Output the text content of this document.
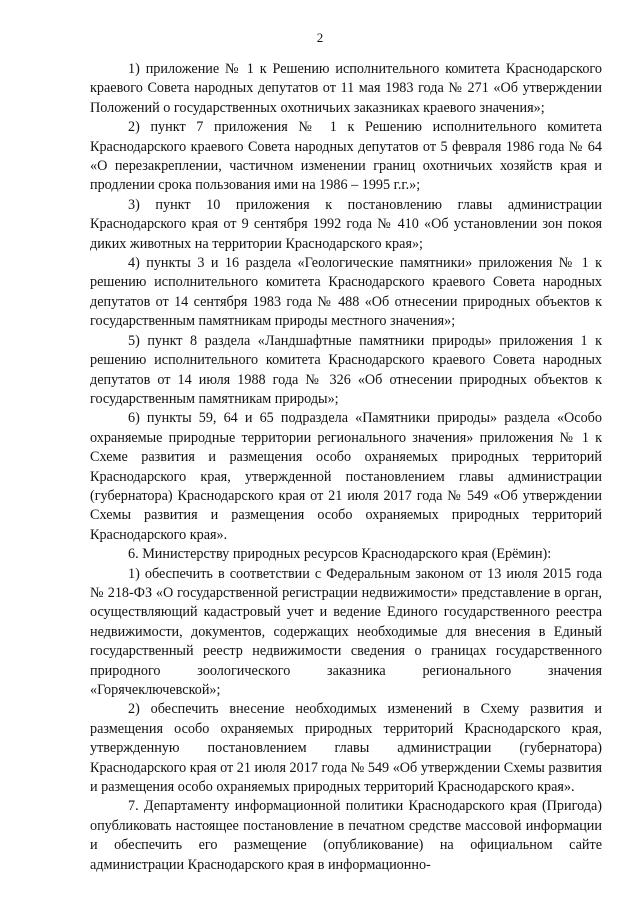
2

1) приложение № 1 к Решению исполнительного комитета Краснодарского краевого Совета народных депутатов от 11 мая 1983 года № 271 «Об утверждении Положений о государственных охотничьих заказниках краевого значения»;

2) пункт 7 приложения № 1 к Решению исполнительного комитета Краснодарского краевого Совета народных депутатов от 5 февраля 1986 года № 64 «О перезакреплении, частичном изменении границ охотничьих хозяйств края и продлении срока пользования ими на 1986 – 1995 г.г.»;

3) пункт 10 приложения к постановлению главы администрации Краснодарского края от 9 сентября 1992 года № 410 «Об установлении зон покоя диких животных на территории Краснодарского края»;

4) пункты 3 и 16 раздела «Геологические памятники» приложения № 1 к решению исполнительного комитета Краснодарского краевого Совета народных депутатов от 14 сентября 1983 года № 488 «Об отнесении природных объектов к государственным памятникам природы местного значения»;

5) пункт 8 раздела «Ландшафтные памятники природы» приложения 1 к решению исполнительного комитета Краснодарского краевого Совета народных депутатов от 14 июля 1988 года № 326 «Об отнесении природных объектов к государственным памятникам природы»;

6) пункты 59, 64 и 65 подраздела «Памятники природы» раздела «Особо охраняемые природные территории регионального значения» приложения № 1 к Схеме развития и размещения особо охраняемых природных территорий Краснодарского края, утвержденной постановлением главы администрации (губернатора) Краснодарского края от 21 июля 2017 года № 549 «Об утверждении Схемы развития и размещения особо охраняемых природных территорий Краснодарского края».

6. Министерству природных ресурсов Краснодарского края (Ерёмин):

1) обеспечить в соответствии с Федеральным законом от 13 июля 2015 года № 218-ФЗ «О государственной регистрации недвижимости» представление в орган, осуществляющий кадастровый учет и ведение Единого государственного реестра недвижимости, документов, содержащих необходимые для внесения в Единый государственный реестр недвижимости сведения о границах государственного природного зоологического заказника регионального значения «Горячеключевской»;

2) обеспечить внесение необходимых изменений в Схему развития и размещения особо охраняемых природных территорий Краснодарского края, утвержденную постановлением главы администрации (губернатора) Краснодарского края от 21 июля 2017 года № 549 «Об утверждении Схемы развития и размещения особо охраняемых природных территорий Краснодарского края».

7. Департаменту информационной политики Краснодарского края (Пригода) опубликовать настоящее постановление в печатном средстве массовой информации и обеспечить его размещение (опубликование) на официальном сайте администрации Краснодарского края в информационно-
